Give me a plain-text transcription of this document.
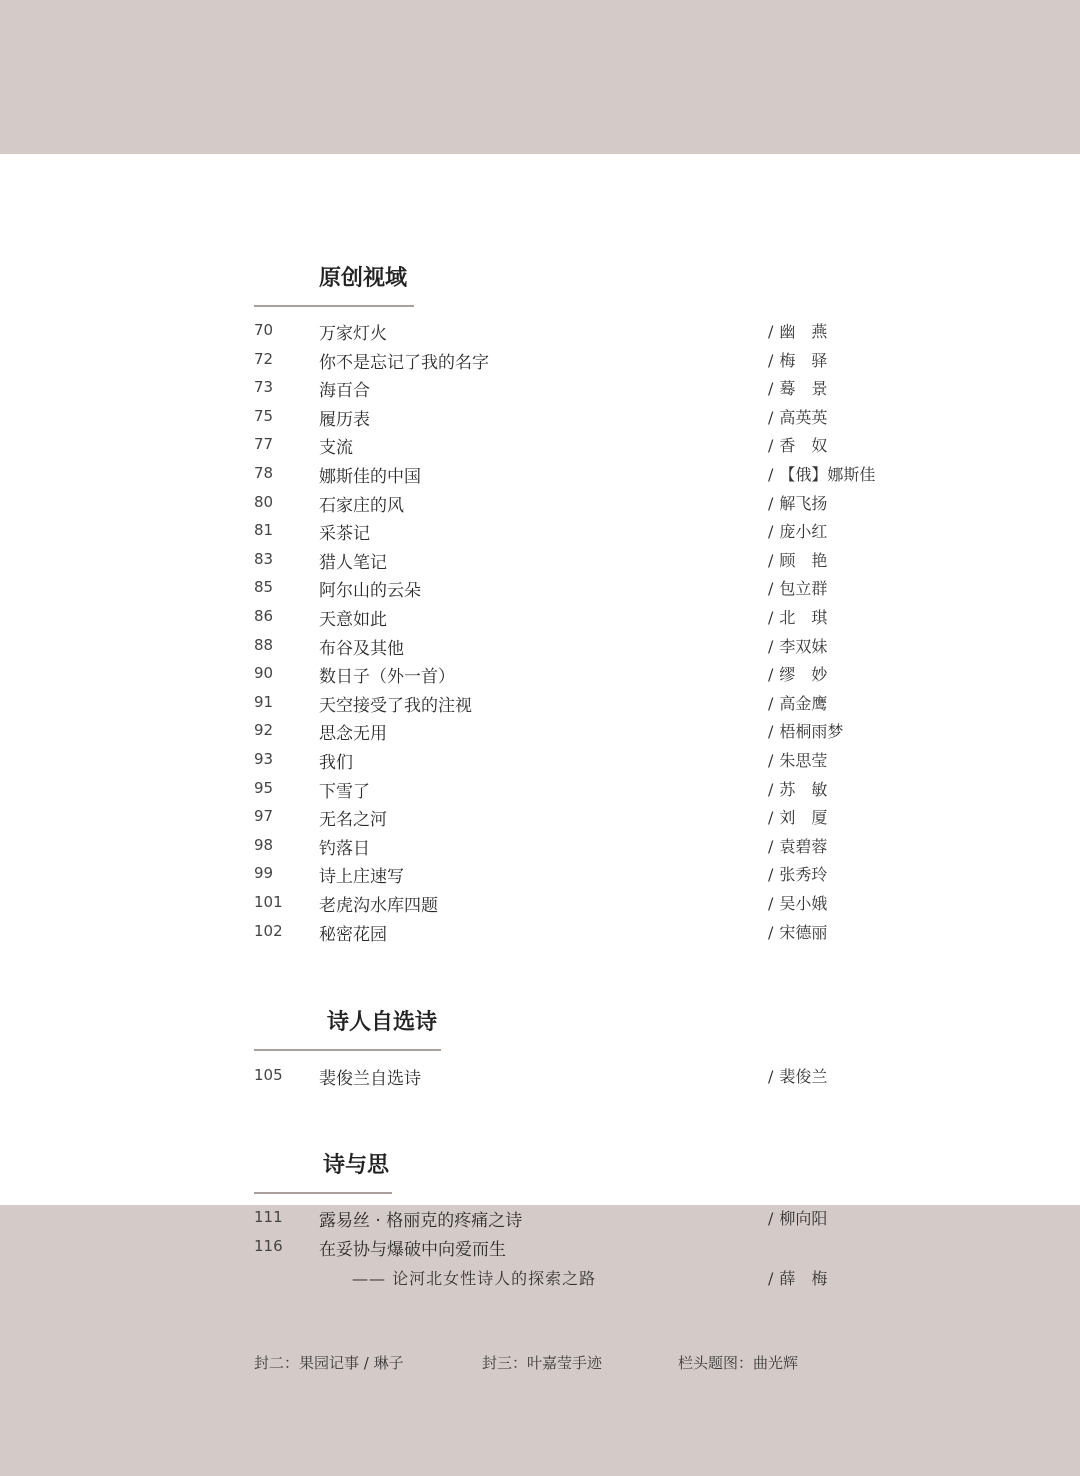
原创视域
诗人自选诗
诗与思
70	万家灯火	/ 幽　燕
72	你不是忘记了我的名字	/ 梅　驿
73	海百合	/ 蓦　景
75	履历表	/ 高英英
77	支流	/ 香　奴
78	娜斯佳的中国	/ 【俄】娜斯佳
80	石家庄的风	/ 解飞扬
81	采茶记	/ 庞小红
83	猎人笔记	/ 顾　艳
85	阿尔山的云朵	/ 包立群
86	天意如此	/ 北　琪
88	布谷及其他	/ 李双妹
90	数日子（外一首）	/ 缪　妙
91	天空接受了我的注视	/ 高金鹰
92	思念无用	/ 梧桐雨梦
93	我们	/ 朱思莹
95	下雪了	/ 苏　敏
97	无名之河	/ 刘　厦
98	钓落日	/ 袁碧蓉
99	诗上庄速写	/ 张秀玲
101 老虎沟水库四题	/ 吴小娥
102 秘密花园	/ 宋德丽
105 裴俊兰自选诗	/ 裴俊兰
111 露易丝 · 格丽克的疼痛之诗	/ 柳向阳
116 在妥协与爆破中向爱而生
—— 论河北女性诗人的探索之路	/ 薛　梅
封二：果园记事 / 琳子	封三：叶嘉莹手迹	栏头题图：曲光辉
